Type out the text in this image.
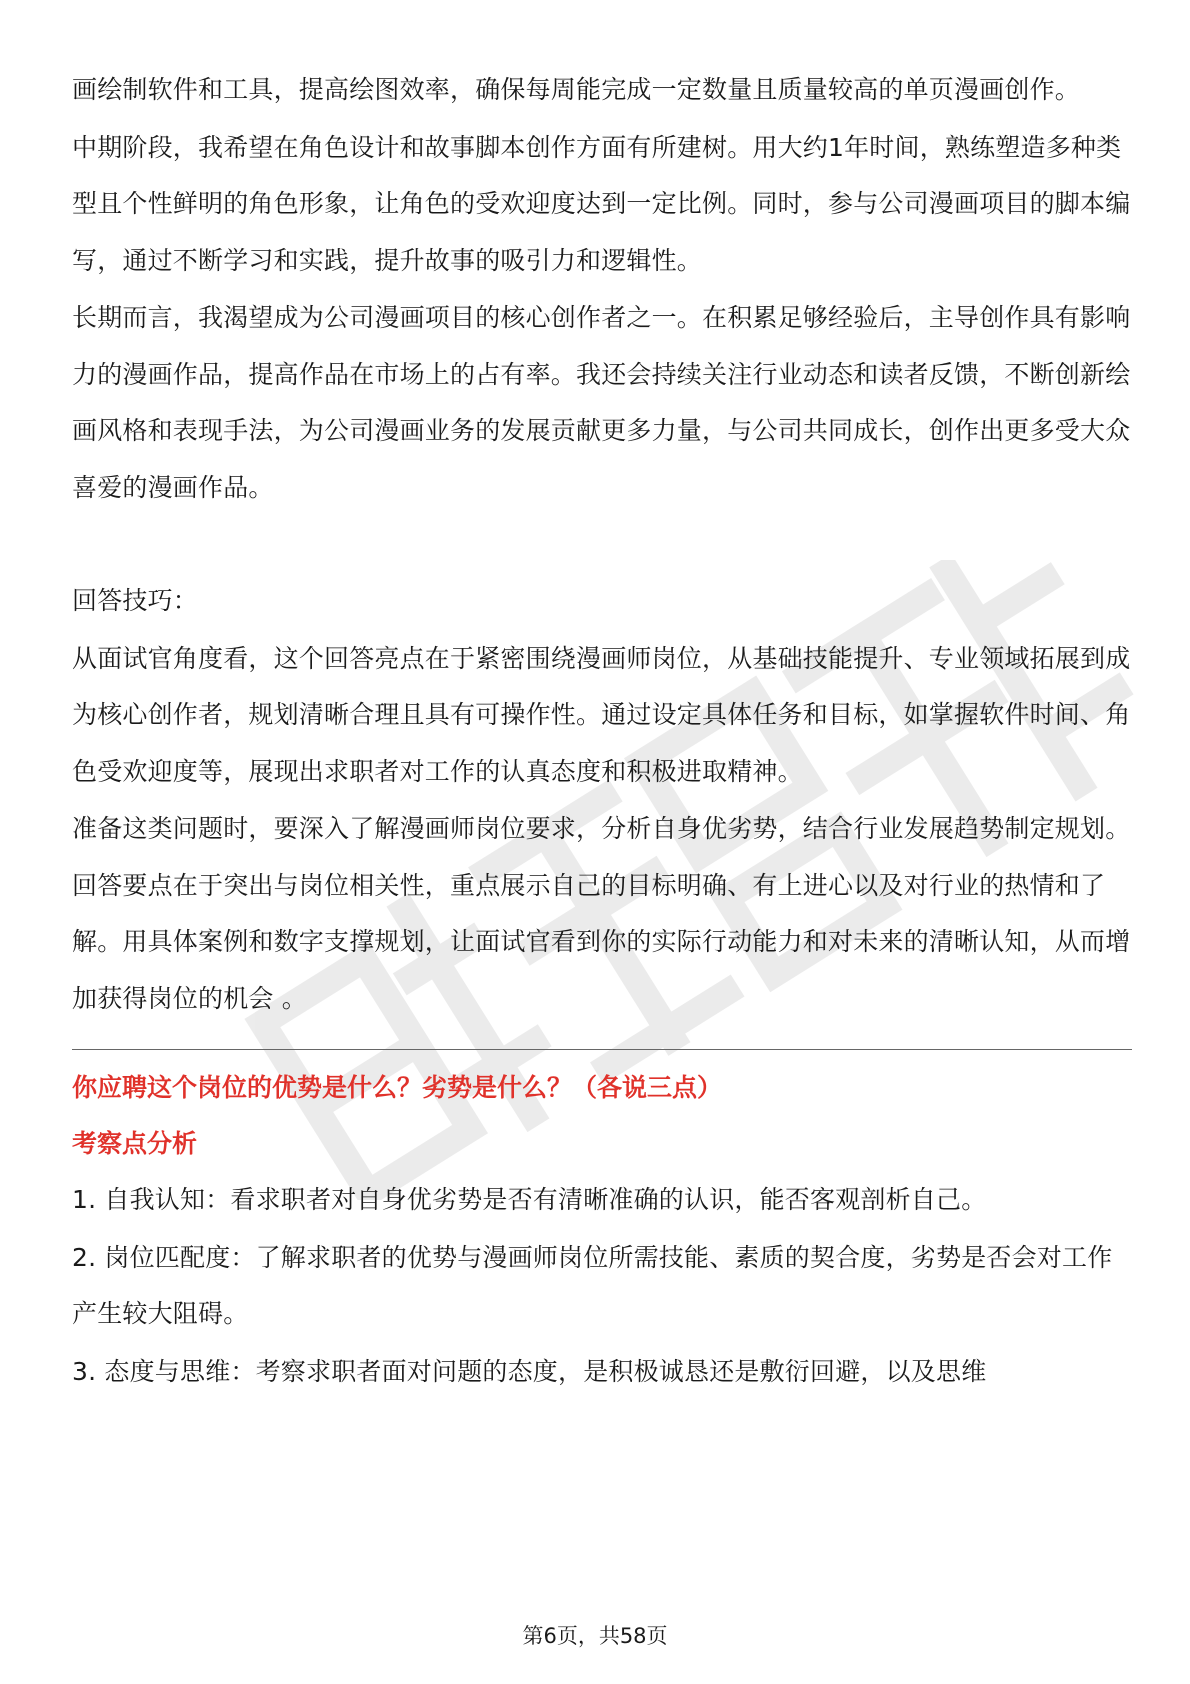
画绘制软件和工具，提高绘图效率，确保每周能完成一定数量且质量较高的单页漫画创作。

中期阶段，我希望在角色设计和故事脚本创作方面有所建树。用大约1年时间，熟练塑造多种类型且个性鲜明的角色形象，让角色的受欢迎度达到一定比例。同时，参与公司漫画项目的脚本编写，通过不断学习和实践，提升故事的吸引力和逻辑性。

长期而言，我渴望成为公司漫画项目的核心创作者之一。在积累足够经验后，主导创作具有影响力的漫画作品，提高作品在市场上的占有率。我还会持续关注行业动态和读者反馈，不断创新绘画风格和表现手法，为公司漫画业务的发展贡献更多力量，与公司共同成长，创作出更多受大众喜爱的漫画作品。

回答技巧：

从面试官角度看，这个回答亮点在于紧密围绕漫画师岗位，从基础技能提升、专业领域拓展到成为核心创作者，规划清晰合理且具有可操作性。通过设定具体任务和目标，如掌握软件时间、角色受欢迎度等，展现出求职者对工作的认真态度和积极进取精神。

准备这类问题时，要深入了解漫画师岗位要求，分析自身优劣势，结合行业发展趋势制定规划。回答要点在于突出与岗位相关性，重点展示自己的目标明确、有上进心以及对行业的热情和了解。用具体案例和数字支撑规划，让面试官看到你的实际行动能力和对未来的清晰认知，从而增加获得岗位的机会 。

你应聘这个岗位的优势是什么？劣势是什么？（各说三点）

考察点分析

1. 自我认知：看求职者对自身优劣势是否有清晰准确的认识，能否客观剖析自己。

2. 岗位匹配度：了解求职者的优势与漫画师岗位所需技能、素质的契合度，劣势是否会对工作产生较大阻碍。

3. 态度与思维：考察求职者面对问题的态度，是积极诚恳还是敷衍回避，以及思维

第6页，共58页
